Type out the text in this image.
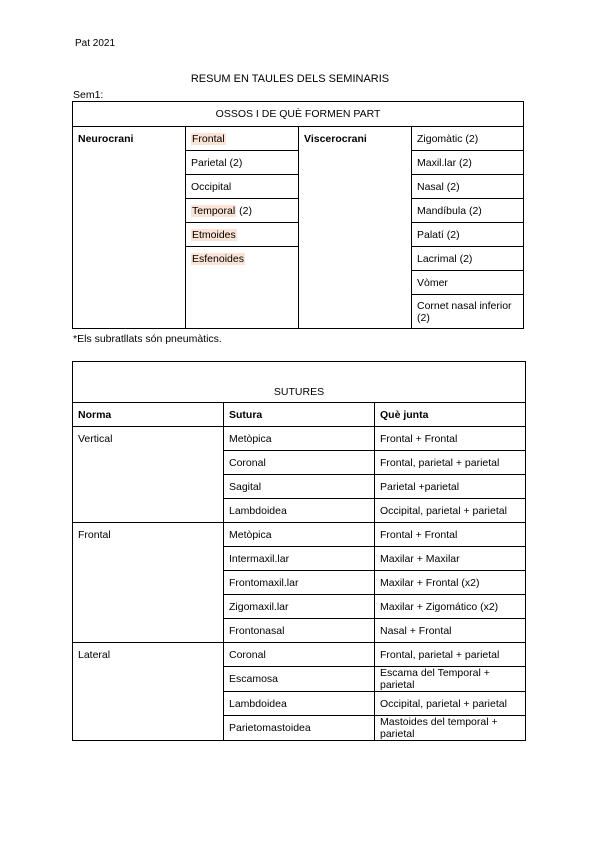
Pat 2021
RESUM EN TAULES DELS SEMINARIS
Sem1:
OSSOS I DE QUÈ FORMEN PART			
Neurocrani	Frontal	Viscerocrani	Zigomàtic (2)
	Parietal (2)		Maxil.lar (2)
	Occipital		Nasal (2)
	Temporal (2)		Mandíbula (2)
	Etmoides		Palatí (2)
	Esfenoides		Lacrimal (2)
			Vòmer
			Cornet nasal inferior (2)
*Els subratllats són pneumàtics.
SUTURES		
Norma	Sutura	Què junta
Vertical	Metòpica	Frontal + Frontal
	Coronal	Frontal, parietal + parietal
	Sagital	Parietal +parietal
	Lambdoidea	Occipital, parietal + parietal
Frontal	Metòpica	Frontal + Frontal
	Intermaxil.lar	Maxilar + Maxilar
	Frontomaxil.lar	Maxilar + Frontal (x2)
	Zigomaxil.lar	Maxilar + Zigomático (x2)
	Frontonasal	Nasal + Frontal
Lateral	Coronal	Frontal, parietal + parietal
	Escamosa	Escama del Temporal + parietal
	Lambdoidea	Occipital, parietal + parietal
	Parietomastoidea	Mastoides del temporal + parietal
